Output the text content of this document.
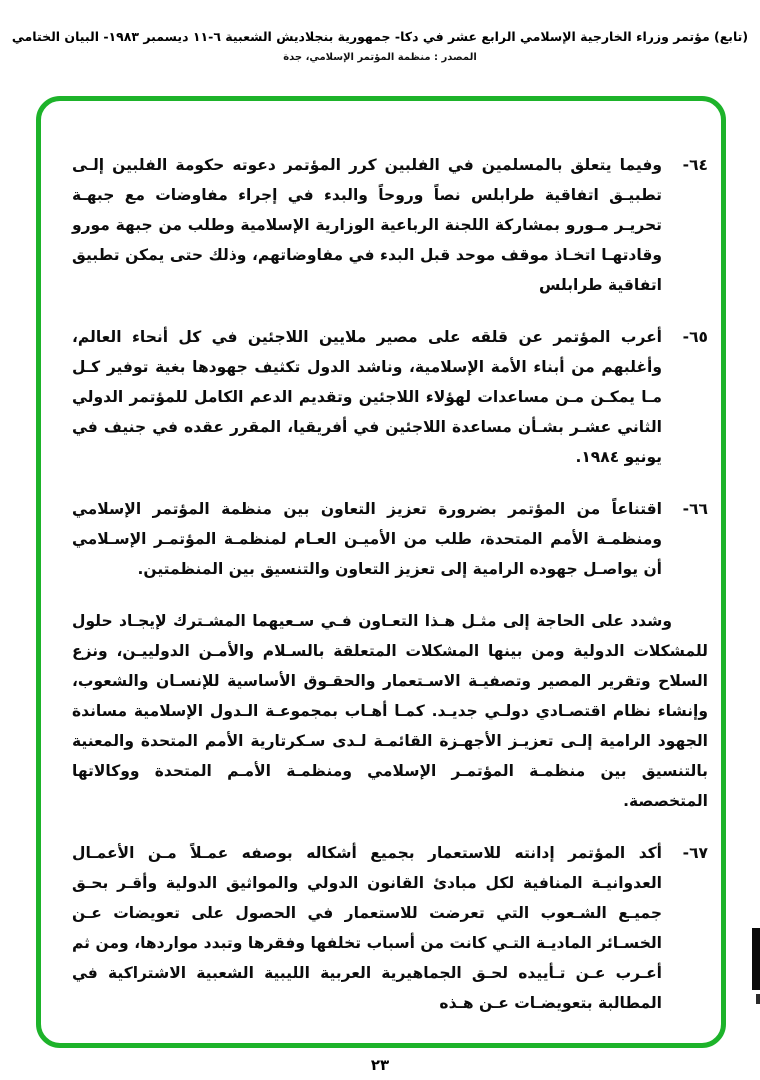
(تابع) مؤتمر وزراء الخارجية الإسلامي الرابع عشر في دكا- جمهورية بنجلاديش الشعبية ٦-١١ ديسمبر ١٩٨٣- البيان الختامي
المصدر : منظمة المؤتمر الإسلامي، جدة
٦٤-
وفيما يتعلق بالمسلمين في الفلبين كرر المؤتمر دعوته حكومة الفلبين إلـى تطبيـق اتفاقية طرابلس نصاً وروحاً والبدء في إجراء مفاوضات مع جبهـة تحريـر مـورو بمشاركة اللجنة الرباعية الوزارية الإسلامية وطلب من جبهة مورو وقادتهـا اتخـاذ موقف موحد قبل البدء في مفاوضاتهم، وذلك حتى يمكن تطبيق اتفاقية طرابلس
٦٥-
أعرب المؤتمر عن قلقه على مصير ملايين اللاجئين في كل أنحاء العالم، وأغلبهم من أبناء الأمة الإسلامية، وناشد الدول تكثيف جهودها بغية توفير كـل مـا يمكـن مـن مساعدات لهؤلاء اللاجئين وتقديم الدعم الكامل للمؤتمر الدولي الثاني عشـر بشـأن مساعدة اللاجئين في أفريقيا، المقرر عقده في جنيف في يونيو ١٩٨٤.
٦٦-
اقتناعاً من المؤتمر بضرورة تعزيز التعاون بين منظمة المؤتمر الإسلامي ومنظمـة الأمم المتحدة، طلب من الأميـن العـام لمنظمـة المؤتمـر الإسـلامي أن يواصـل جهوده الرامية إلى تعزيز التعاون والتنسيق بين المنظمتين.
وشدد على الحاجة إلى مثـل هـذا التعـاون فـي سـعيهما المشـترك لإيجـاد حلول للمشكلات الدولية ومن بينها المشكلات المتعلقة بالسـلام والأمـن الدولييـن، ونزع السلاح وتقرير المصير وتصفيـة الاسـتعمار والحقـوق الأساسية للإنسـان والشعوب، وإنشاء نظام اقتصـادي دولـي جديـد. كمـا أهـاب بمجموعـة الـدول الإسلامية مساندة الجهود الرامية إلـى تعزيـز الأجهـزة القائمـة لـدى سـكرتارية الأمم المتحدة والمعنية بالتنسيق بين منظمـة المؤتمـر الإسلامي ومنظمـة الأمـم المتحدة ووكالاتها المتخصصة.
٦٧-
أكد المؤتمر إدانته للاستعمار بجميع أشكاله بوصفه عمـلاً مـن الأعمـال العدوانيـة المنافية لكل مبادئ القانون الدولي والمواثيق الدولية وأقـر بحـق جميـع الشـعوب التي تعرضت للاستعمار في الحصول على تعويضات عـن الخسـائر الماديـة التـي كانت من أسباب تخلفها وفقرها وتبدد مواردها، ومن ثم أعـرب عـن تـأييده لحـق الجماهيرية العربية الليبية الشعبية الاشتراكية في المطالبة بتعويضـات عـن هـذه
٢٣
